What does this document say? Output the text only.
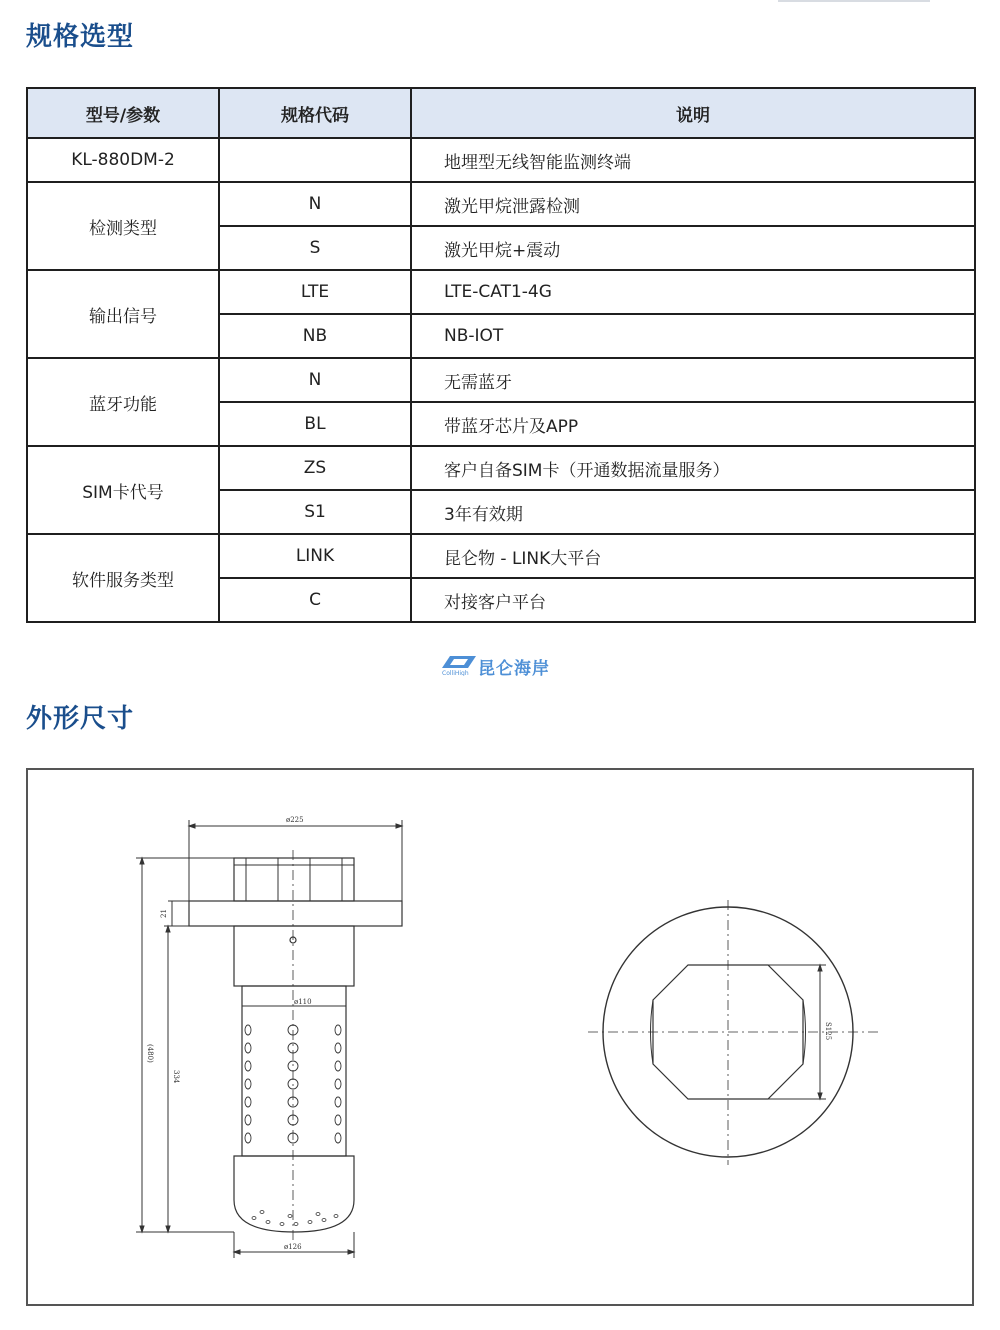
规格选型
型号/参数	规格代码	说明
KL-880DM-2		地埋型无线智能监测终端
检测类型	N	激光甲烷泄露检测
	S	激光甲烷+震动
输出信号	LTE	LTE-CAT1-4G
	NB	NB-IOT
蓝牙功能	N	无需蓝牙
	BL	带蓝牙芯片及APP
SIM卡代号	ZS	客户自备SIM卡（开通数据流量服务）
	S1	3年有效期
软件服务类型	LINK	昆仑物 - LINK大平台
	C	对接客户平台
ColliHigh 昆仑海岸
外形尺寸
ø225
21
ø110
ø126
(480)
334
S125
